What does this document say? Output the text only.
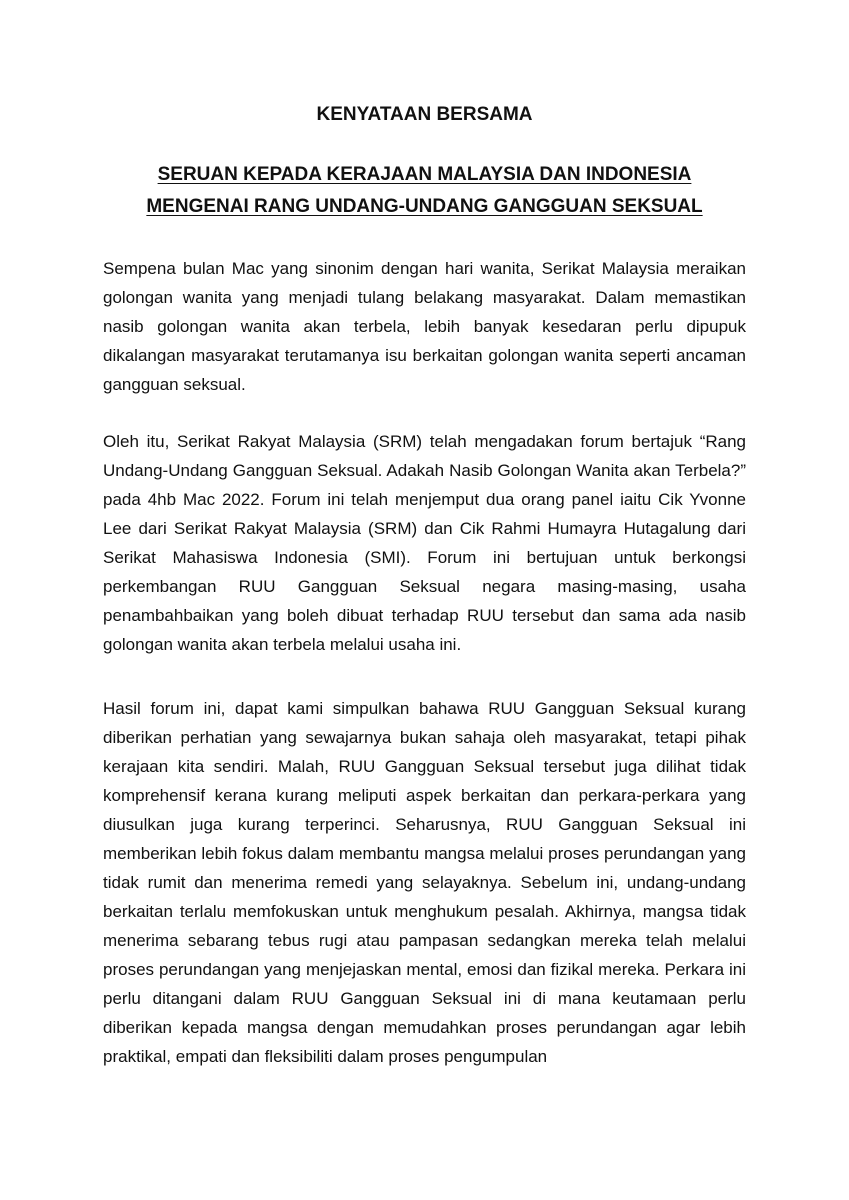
KENYATAAN BERSAMA
SERUAN KEPADA KERAJAAN MALAYSIA DAN INDONESIA
MENGENAI RANG UNDANG-UNDANG GANGGUAN SEKSUAL

Sempena bulan Mac yang sinonim dengan hari wanita, Serikat Malaysia meraikan golongan wanita yang menjadi tulang belakang masyarakat. Dalam memastikan nasib golongan wanita akan terbela, lebih banyak kesedaran perlu dipupuk dikalangan masyarakat terutamanya isu berkaitan golongan wanita seperti ancaman gangguan seksual.

Oleh itu, Serikat Rakyat Malaysia (SRM) telah mengadakan forum bertajuk “Rang Undang-Undang Gangguan Seksual. Adakah Nasib Golongan Wanita akan Terbela?” pada 4hb Mac 2022. Forum ini telah menjemput dua orang panel iaitu Cik Yvonne Lee dari Serikat Rakyat Malaysia (SRM) dan Cik Rahmi Humayra Hutagalung dari Serikat Mahasiswa Indonesia (SMI). Forum ini bertujuan untuk berkongsi perkembangan RUU Gangguan Seksual negara masing-masing, usaha penambahbaikan yang boleh dibuat terhadap RUU tersebut dan sama ada nasib golongan wanita akan terbela melalui usaha ini.

Hasil forum ini, dapat kami simpulkan bahawa RUU Gangguan Seksual kurang diberikan perhatian yang sewajarnya bukan sahaja oleh masyarakat, tetapi pihak kerajaan kita sendiri. Malah, RUU Gangguan Seksual tersebut juga dilihat tidak komprehensif kerana kurang meliputi aspek berkaitan dan perkara-perkara yang diusulkan juga kurang terperinci. Seharusnya, RUU Gangguan Seksual ini memberikan lebih fokus dalam membantu mangsa melalui proses perundangan yang tidak rumit dan menerima remedi yang selayaknya. Sebelum ini, undang-undang berkaitan terlalu memfokuskan untuk menghukum pesalah. Akhirnya, mangsa tidak menerima sebarang tebus rugi atau pampasan sedangkan mereka telah melalui proses perundangan yang menjejaskan mental, emosi dan fizikal mereka. Perkara ini perlu ditangani dalam RUU Gangguan Seksual ini di mana keutamaan perlu diberikan kepada mangsa dengan memudahkan proses perundangan agar lebih praktikal, empati dan fleksibiliti dalam proses pengumpulan
